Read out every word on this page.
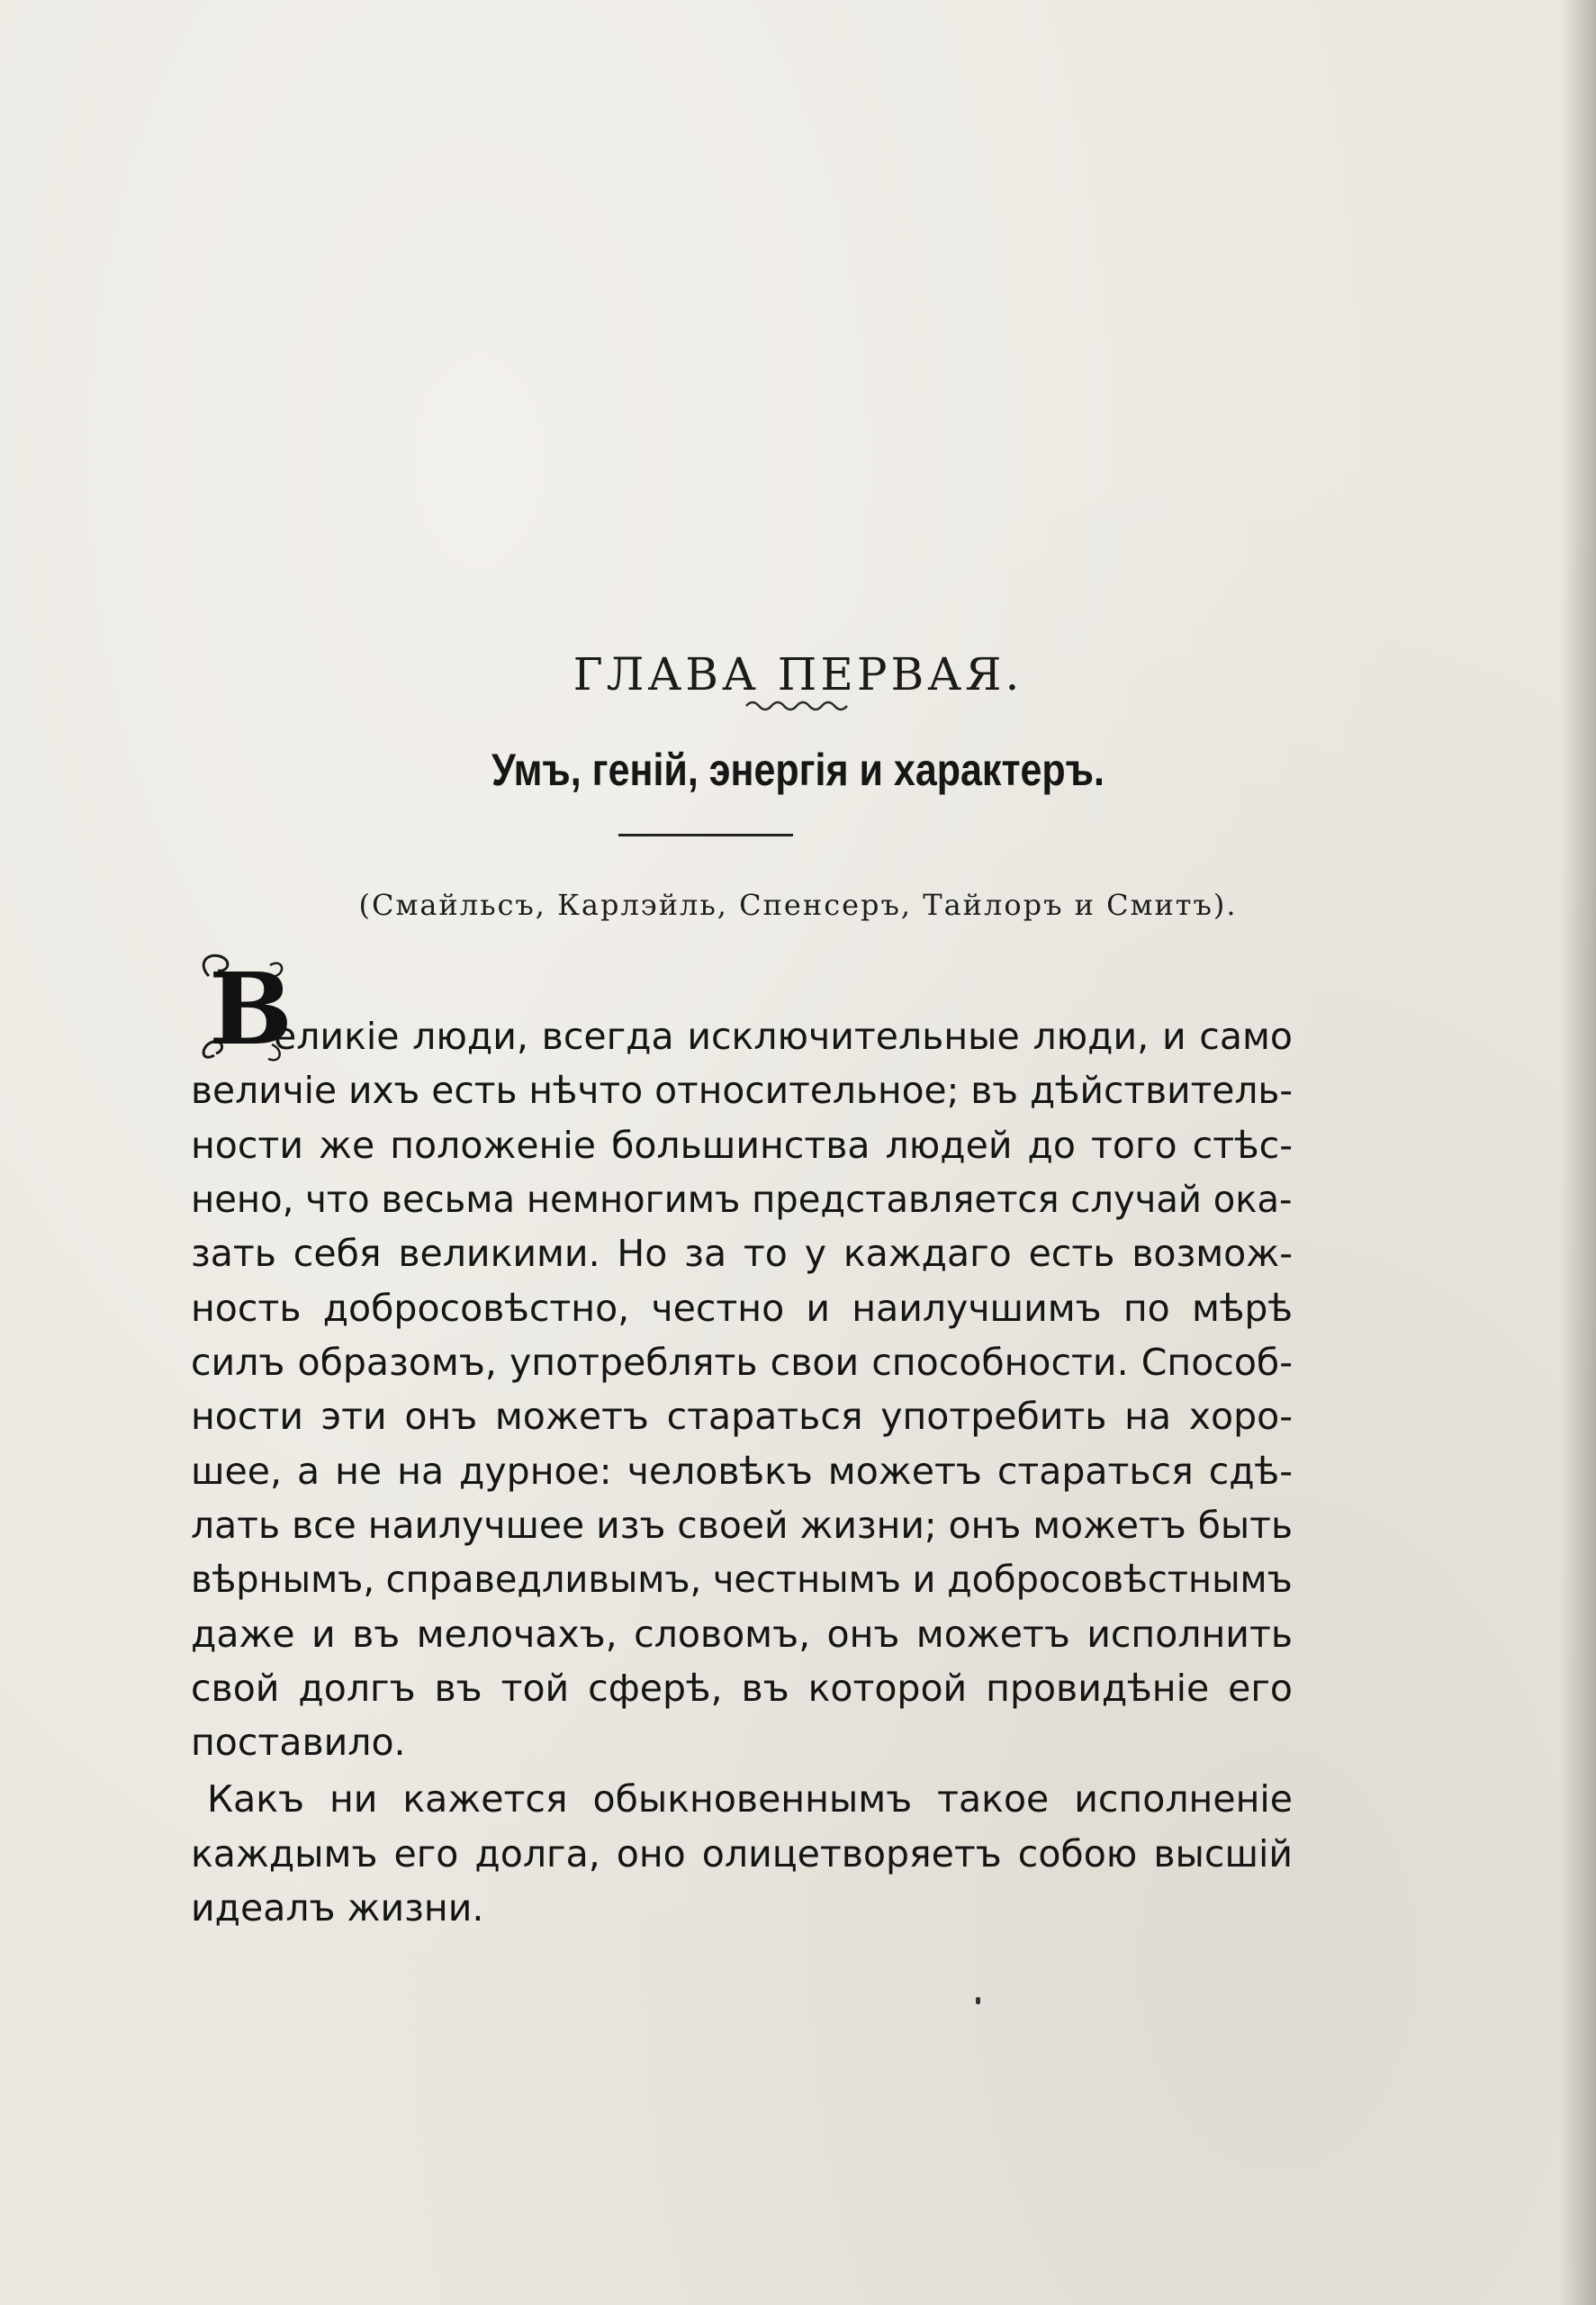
ГЛАВА ПЕРВАЯ.
Умъ, генiй, энергiя и характеръ.
(Смайльсъ, Карлэйль, Спенсеръ, Тайлоръ и Смитъ).
В
еликiе люди, всегда исключительные люди, и само
величiе ихъ есть нѣчто относительное; въ дѣйствитель-
ности же положенiе большинства людей до того стѣс-
нено, что весьма немногимъ представляется случай ока-
зать себя великими. Но за то у каждаго есть возмож-
ность добросовѣстно, честно и наилучшимъ по мѣрѣ
силъ образомъ, употреблять свои способности. Способ-
ности эти онъ можетъ стараться употребить на хоро-
шее, а не на дурное: человѣкъ можетъ стараться сдѣ-
лать все наилучшее изъ своей жизни; онъ можетъ быть
вѣрнымъ, справедливымъ, честнымъ и добросовѣстнымъ
даже и въ мелочахъ, словомъ, онъ можетъ исполнить
свой долгъ въ той сферѣ, въ которой провидѣнiе его
поставило.
Какъ ни кажется обыкновеннымъ такое исполненiе
каждымъ его долга, оно олицетворяетъ собою высшiй
идеалъ жизни.
